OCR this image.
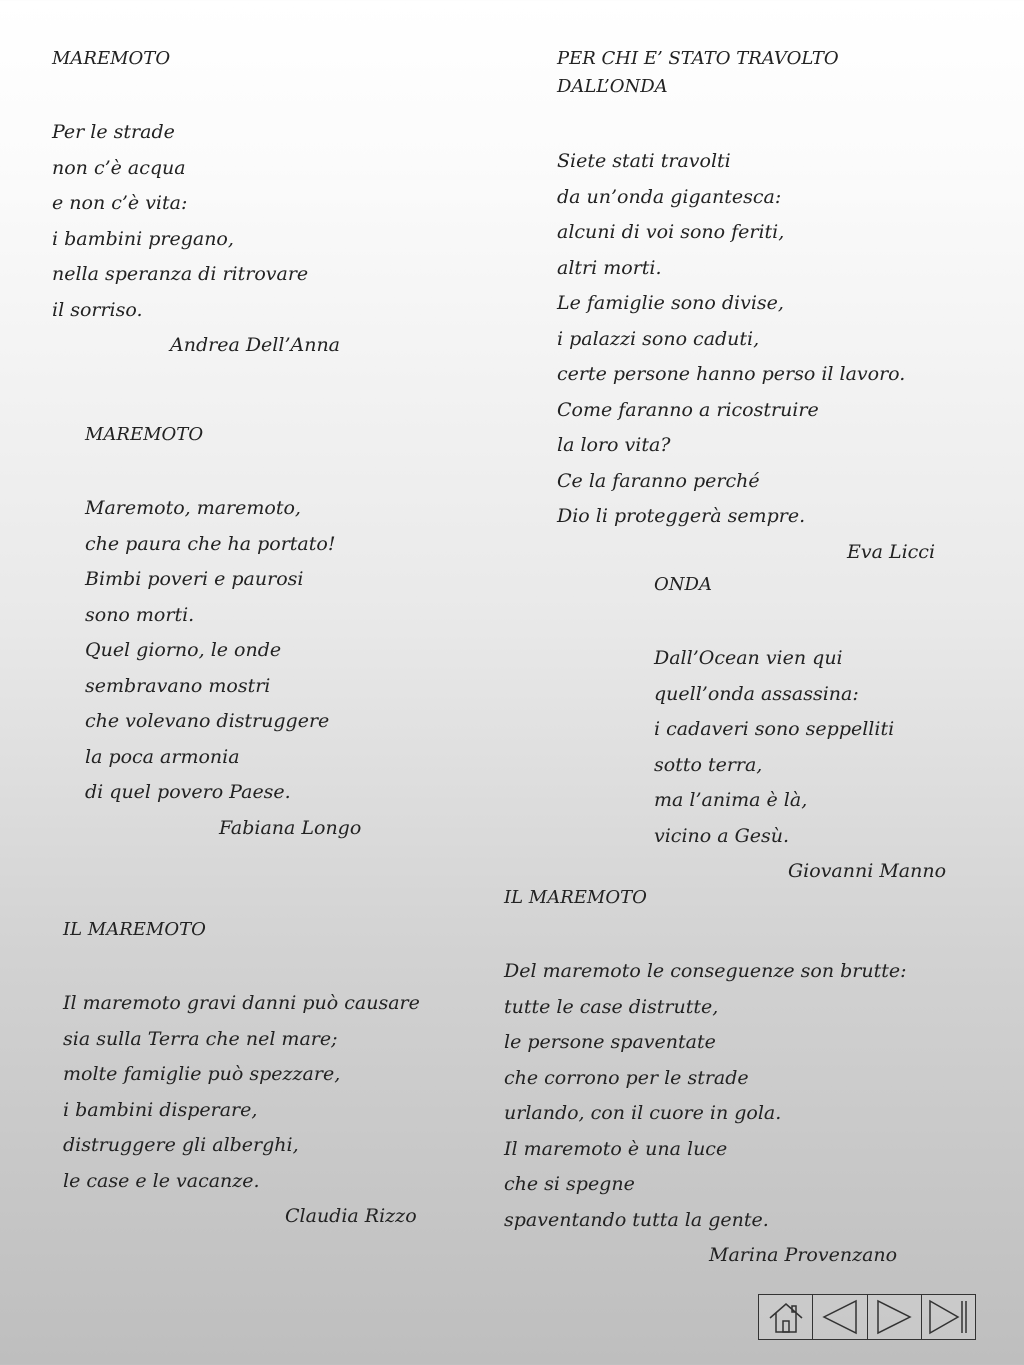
MAREMOTO
Per le strade
non c’è acqua
e non c’è vita:
i bambini pregano,
nella speranza di ritrovare
il sorriso.
Andrea Dell’Anna
PER CHI E’ STATO TRAVOLTO DALL’ONDA
Siete stati travolti
da un’onda gigantesca:
alcuni di voi sono feriti,
altri morti.
Le famiglie sono divise,
i palazzi sono caduti,
certe persone hanno perso il lavoro.
Come faranno a ricostruire
la loro vita?
Ce la faranno perché
Dio li proteggerà sempre.
Eva Licci
MAREMOTO
Maremoto, maremoto,
che paura che ha portato!
Bimbi poveri e paurosi
sono morti.
Quel giorno, le onde
sembravano mostri
che volevano distruggere
la poca armonia
di quel povero Paese.
Fabiana Longo
ONDA
Dall’Ocean vien qui
quell’onda assassina:
i cadaveri sono seppelliti
sotto terra,
ma l’anima è là,
vicino a Gesù.
Giovanni Manno
IL MAREMOTO
Il maremoto gravi danni può causare
sia sulla Terra che nel mare;
molte famiglie può spezzare,
i bambini disperare,
distruggere gli alberghi,
le case e le vacanze.
Claudia Rizzo
IL MAREMOTO
Del maremoto le conseguenze son brutte:
tutte le case distrutte,
le persone spaventate
che corrono per le strade
urlando, con il cuore in gola.
Il maremoto è una luce
che si spegne
spaventando tutta la gente.
Marina Provenzano
